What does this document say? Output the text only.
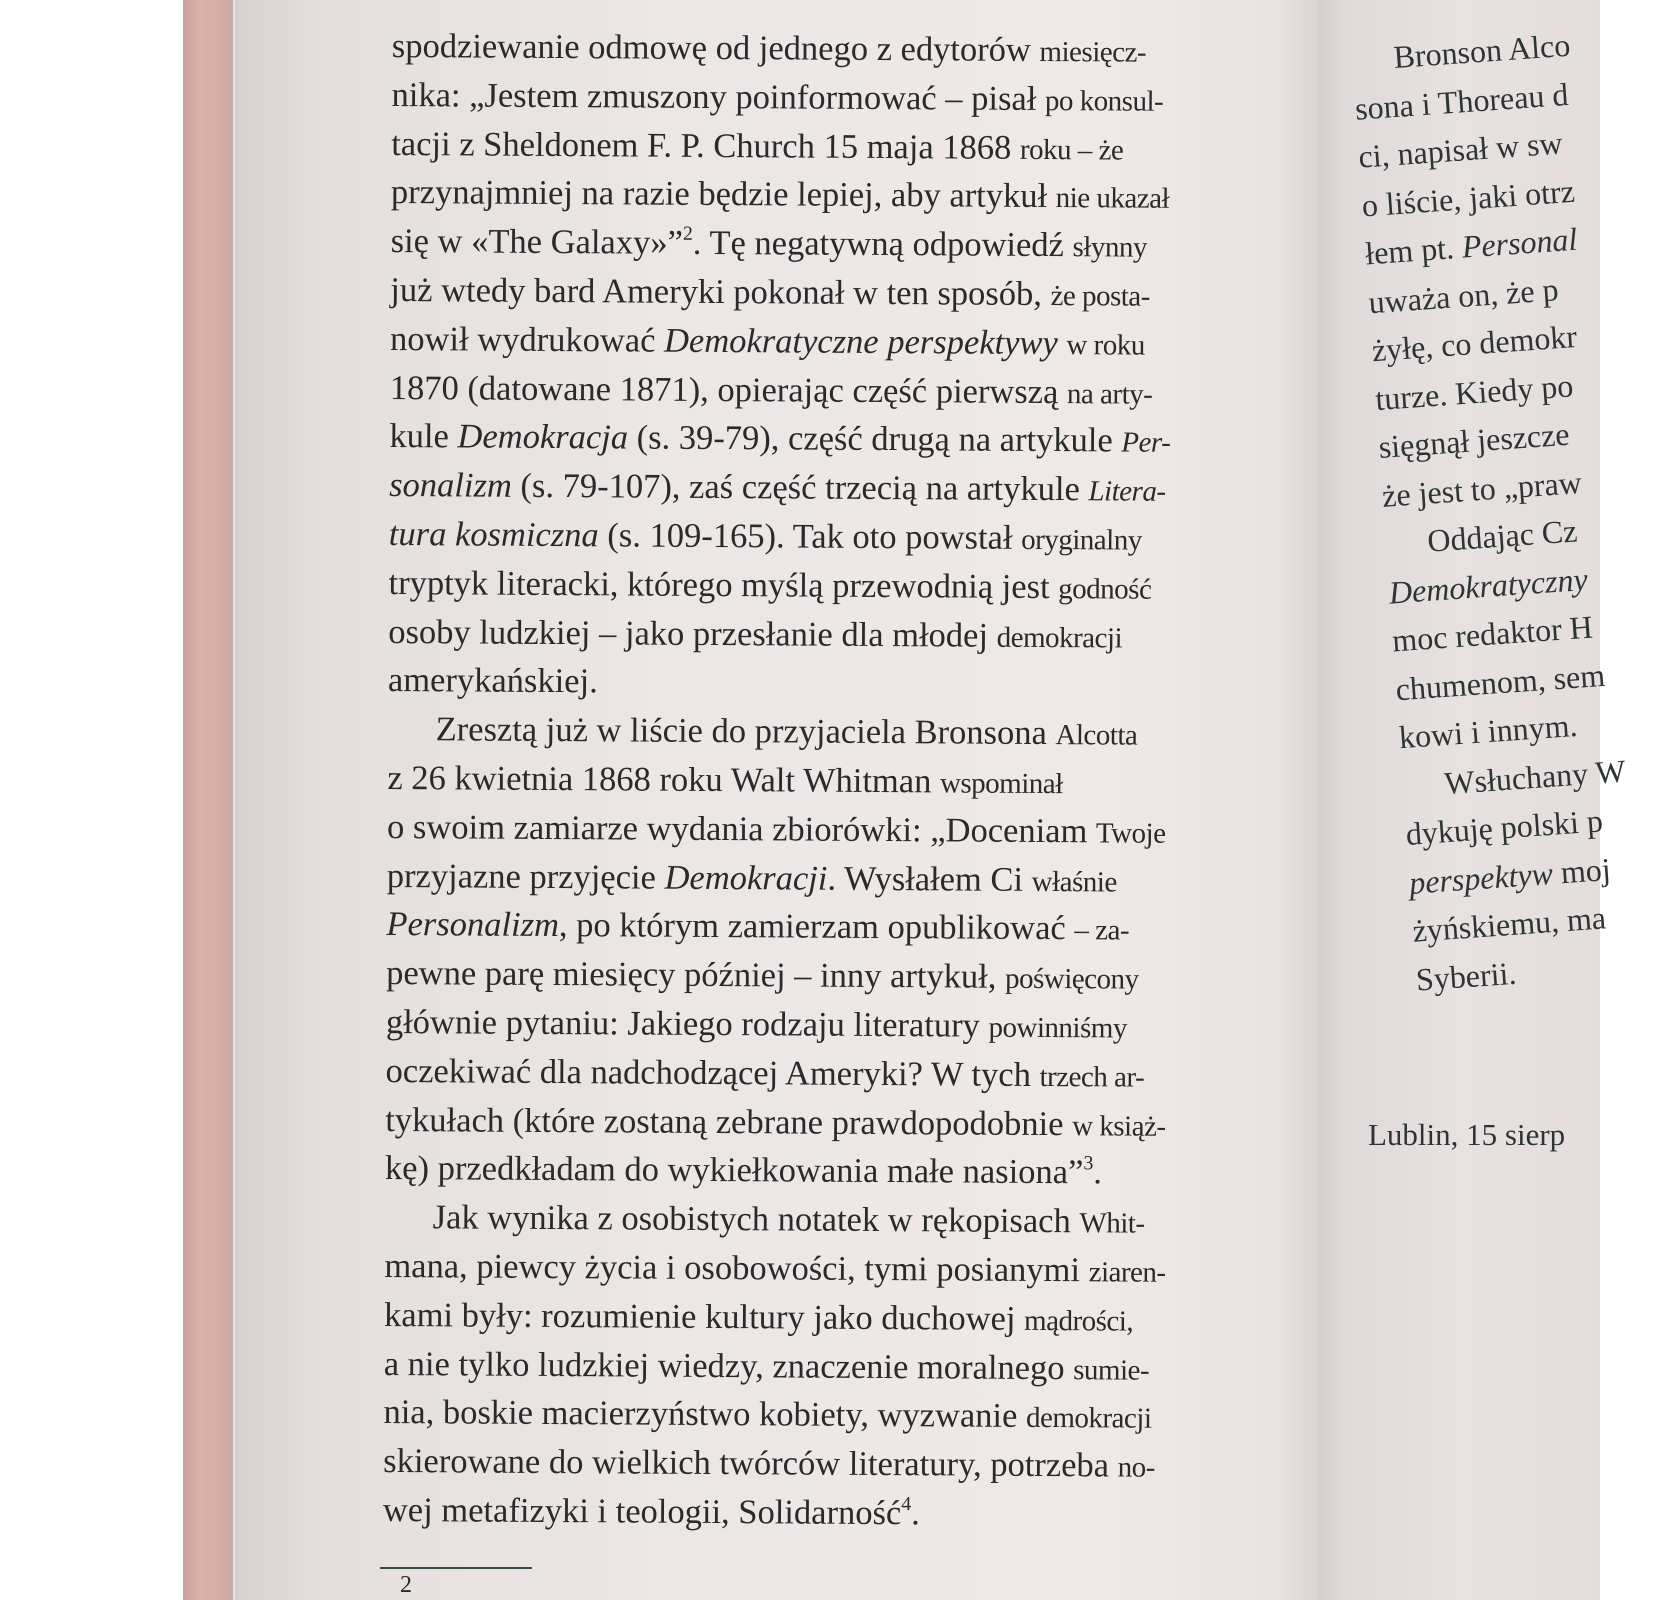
spodziewanie odmowę od jednego z edytorów miesięcz-
nika: „Jestem zmuszony poinformować – pisał po konsul-
tacji z Sheldonem F. P. Church 15 maja 1868 roku – że
przynajmniej na razie będzie lepiej, aby artykuł nie ukazał
się w «The Galaxy»”$^2$. Tę negatywną odpowiedź słynny
już wtedy bard Ameryki pokonał w ten sposób, że posta-
nowił wydrukować Demokratyczne perspektywy w roku
1870 (datowane 1871), opierając część pierwszą na arty-
kule Demokracja (s. 39-79), część drugą na artykule Per-
sonalizm (s. 79-107), zaś część trzecią na artykule Litera-
tura kosmiczna (s. 109-165). Tak oto powstał oryginalny
tryptyk literacki, którego myślą przewodnią jest godność
osoby ludzkiej – jako przesłanie dla młodej demokracji
amerykańskiej.
Zresztą już w liście do przyjaciela Bronsona Alcotta
z 26 kwietnia 1868 roku Walt Whitman wspominał
o swoim zamiarze wydania zbiorówki: „Doceniam Twoje
przyjazne przyjęcie Demokracji. Wysłałem Ci właśnie
Personalizm, po którym zamierzam opublikować – za-
pewne parę miesięcy później – inny artykuł, poświęcony
głównie pytaniu: Jakiego rodzaju literatury powinniśmy
oczekiwać dla nadchodzącej Ameryki? W tych trzech ar-
tykułach (które zostaną zebrane prawdopodobnie w książ-
kę) przedkładam do wykiełkowania małe nasiona”$^3$.
Jak wynika z osobistych notatek w rękopisach Whit-
mana, piewcy życia i osobowości, tymi posianymi ziaren-
kami były: rozumienie kultury jako duchowej mądrości,
a nie tylko ludzkiej wiedzy, znaczenie moralnego sumie-
nia, boskie macierzyństwo kobiety, wyzwanie demokracji
skierowane do wielkich twórców literatury, potrzeba no-
wej metafizyki i teologii, Solidarność$^4$.
2
Bronson Alco
sona i Thoreau d
ci, napisał w sw
o liście, jaki otrz
łem pt. Personal
uważa on, że p
żyłę, co demokr
turze. Kiedy po
sięgnął jeszcze
że jest to „praw
Oddając Cz
Demokratyczny
moc redaktor H
chumenom, sem
kowi i innym.
Wsłuchany W
dykuję polski p
perspektyw moj
żyńskiemu, ma
Syberii.
Lublin, 15 sierp
